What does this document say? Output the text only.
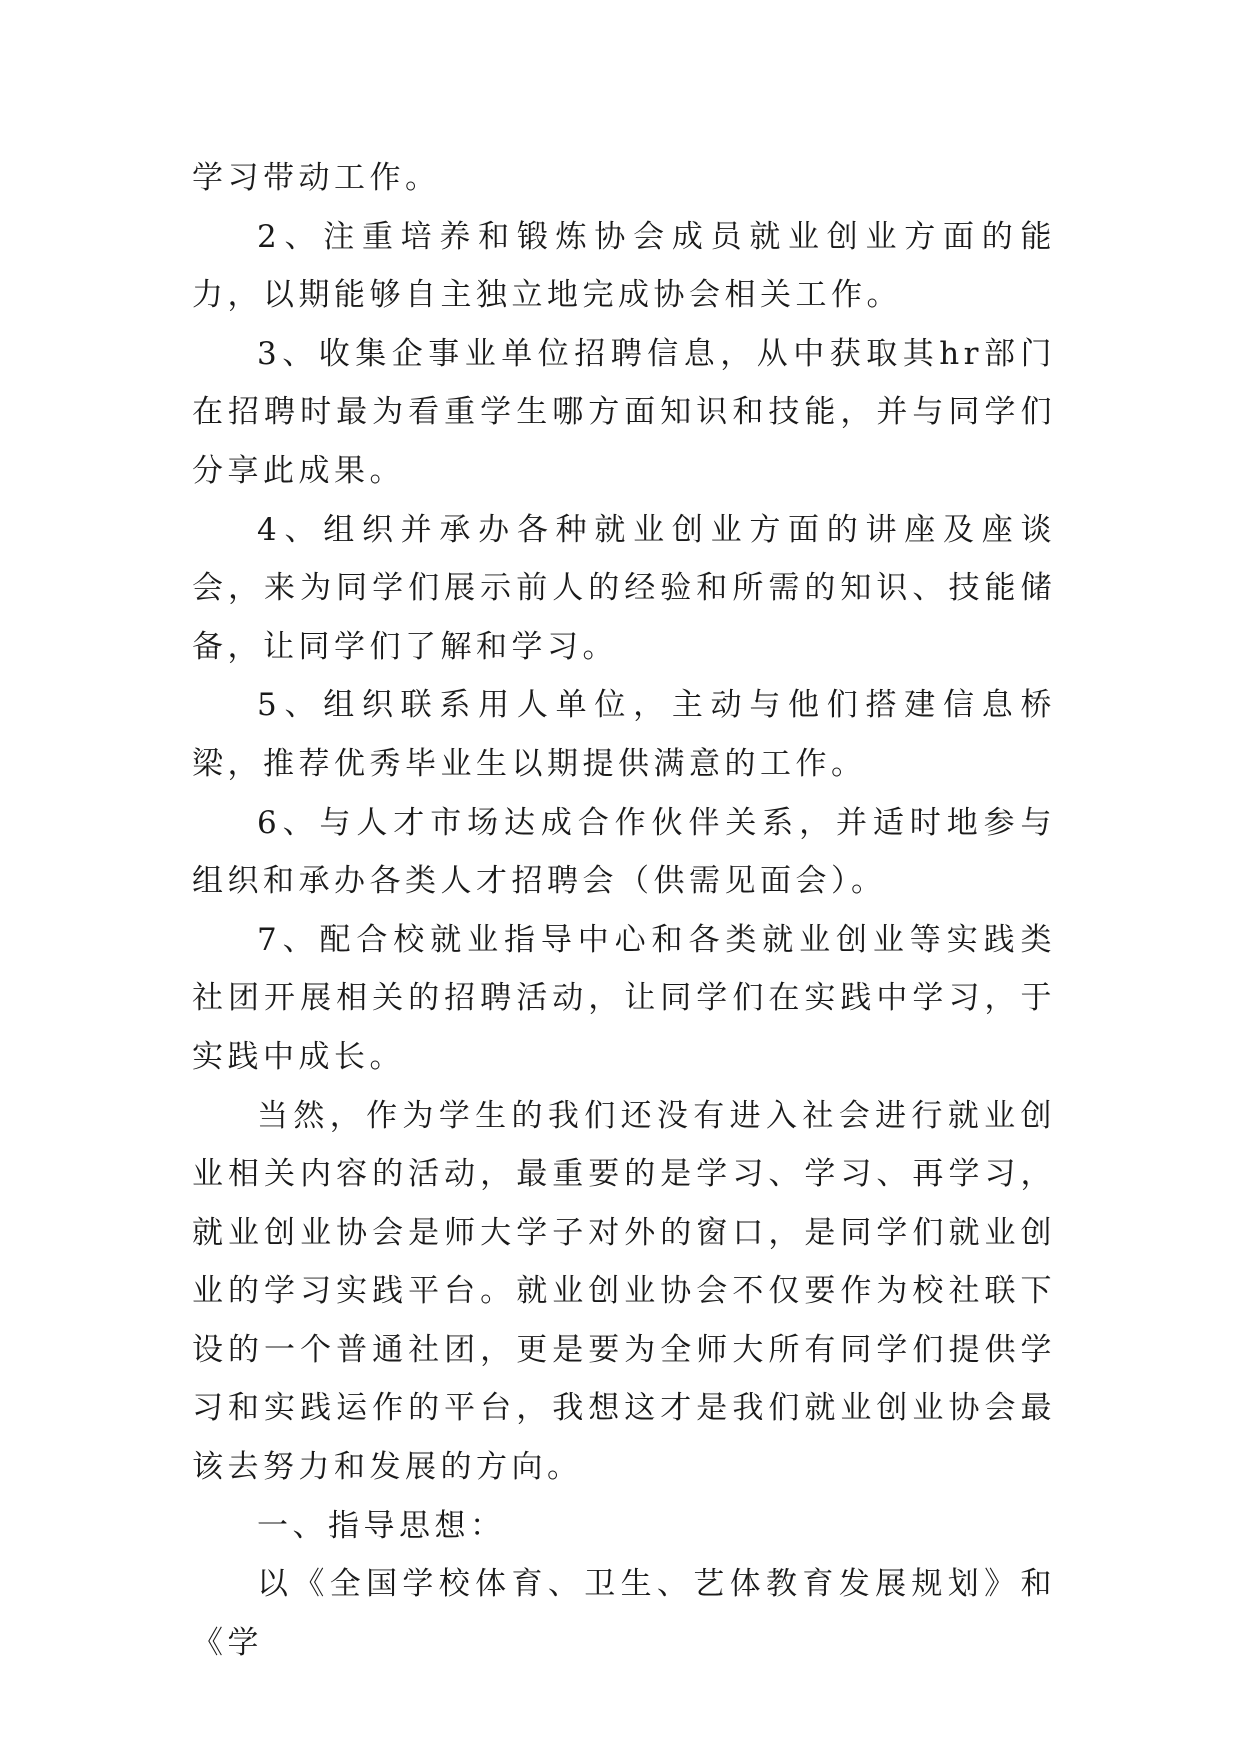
学习带动工作。

2、注重培养和锻炼协会成员就业创业方面的能力，以期能够自主独立地完成协会相关工作。

3、收集企事业单位招聘信息，从中获取其hr部门在招聘时最为看重学生哪方面知识和技能，并与同学们分享此成果。

4、组织并承办各种就业创业方面的讲座及座谈会，来为同学们展示前人的经验和所需的知识、技能储备，让同学们了解和学习。

5、组织联系用人单位，主动与他们搭建信息桥梁，推荐优秀毕业生以期提供满意的工作。

6、与人才市场达成合作伙伴关系，并适时地参与组织和承办各类人才招聘会（供需见面会）。

7、配合校就业指导中心和各类就业创业等实践类社团开展相关的招聘活动，让同学们在实践中学习，于实践中成长。

当然，作为学生的我们还没有进入社会进行就业创业相关内容的活动，最重要的是学习、学习、再学习，就业创业协会是师大学子对外的窗口，是同学们就业创业的学习实践平台。就业创业协会不仅要作为校社联下设的一个普通社团，更是要为全师大所有同学们提供学习和实践运作的平台，我想这才是我们就业创业协会最该去努力和发展的方向。

一、指导思想：

以《全国学校体育、卫生、艺体教育发展规划》和《学
